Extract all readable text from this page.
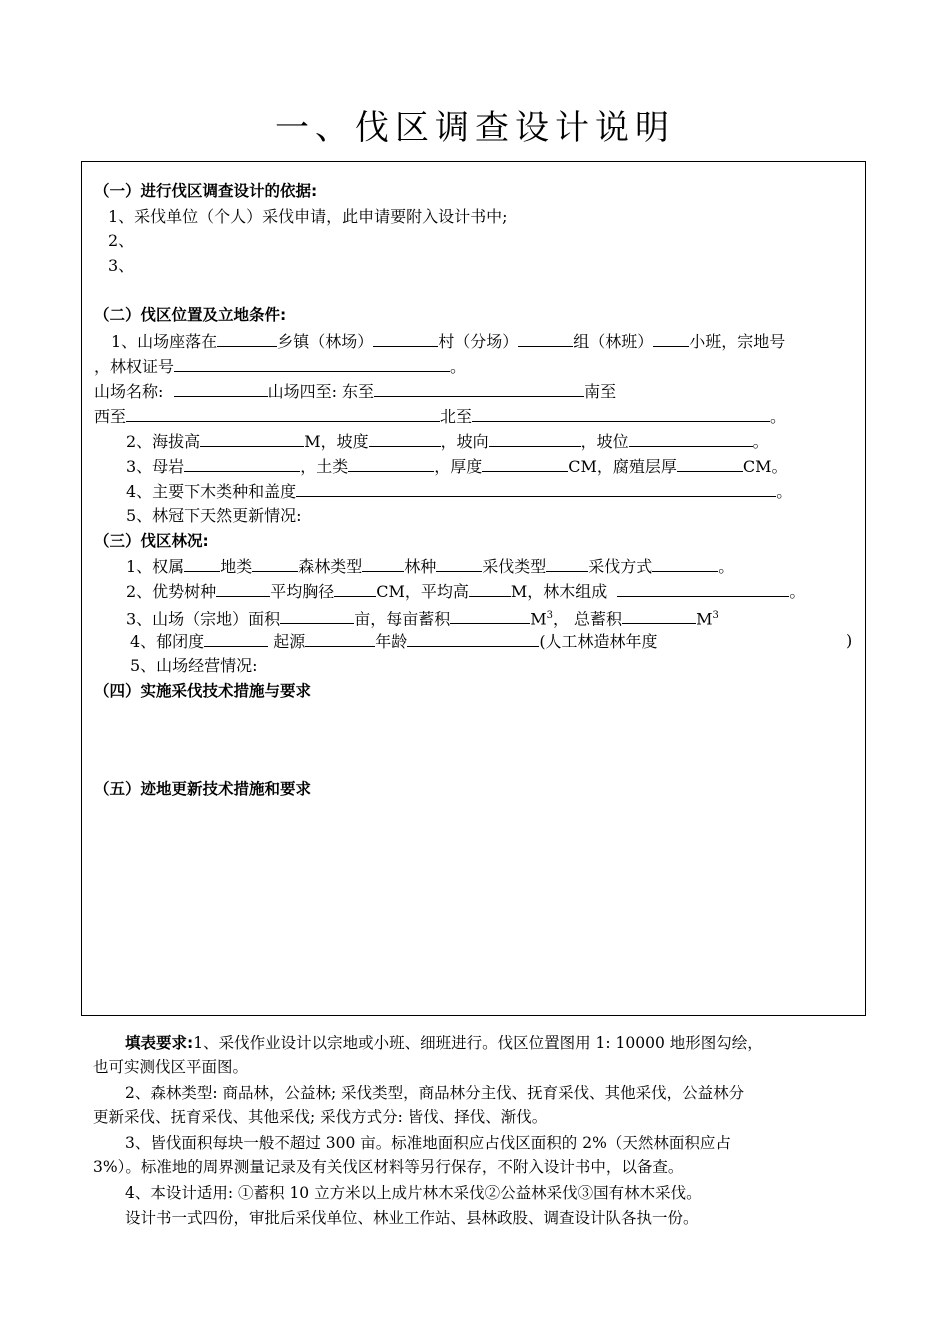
一、伐区调查设计说明
（一）进行伐区调查设计的依据:
1、采伐单位（个人）采伐申请，此申请要附入设计书中;
2、
3、
（二）伐区位置及立地条件:
1、山场座落在	乡镇（林场）	村（分场）	组（林班） 小班，宗地号
，林权证号	。
山场名称:	山场四至: 东至	南至
西至	北至	。
2、海拔高	M，坡度	，坡向	，坡位	。
3、母岩	，土类	，厚度	CM，腐殖层厚	CM。
4、主要下木类种和盖度	。
5、林冠下天然更新情况:
（三）伐区林况:
1、权属 地类	森林类型	林种	采伐类型	采伐方式	。
2、优势树种	平均胸径	CM，平均高	M，林木组成	。
3、山场（宗地）面积	亩，每亩蓄积	$M^3$， 总蓄积	$M^3$
4、郁闭度	起源	年龄	(人工林造林年度	)
5、山场经营情况:
（四）实施采伐技术措施与要求
（五）迹地更新技术措施和要求
填表要求:1、采伐作业设计以宗地或小班、细班进行。伐区位置图用 1: 10000 地形图勾绘，
也可实测伐区平面图。
2、森林类型: 商品林，公益林; 采伐类型，商品林分主伐、抚育采伐、其他采伐，公益林分
更新采伐、抚育采伐、其他采伐; 采伐方式分: 皆伐、择伐、渐伐。
3、皆伐面积每块一般不超过 300 亩。标准地面积应占伐区面积的 2%（天然林面积应占
3%）。标准地的周界测量记录及有关伐区材料等另行保存，不附入设计书中，以备查。
4、本设计适用: ①蓄积 10 立方米以上成片林木采伐②公益林采伐③国有林木采伐。
设计书一式四份，审批后采伐单位、林业工作站、县林政股、调查设计队各执一份。
